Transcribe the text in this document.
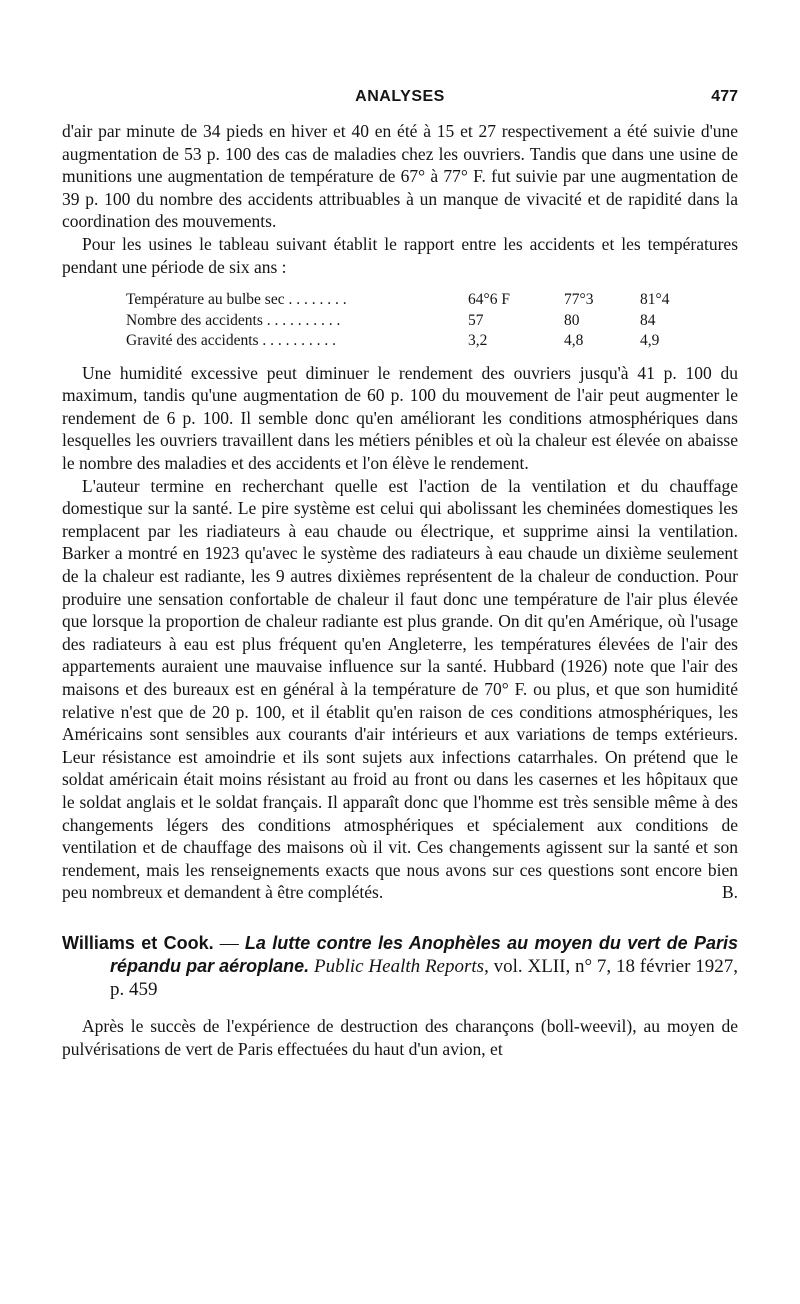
ANALYSES	477

d'air par minute de 34 pieds en hiver et 40 en été à 15 et 27 respectivement a été suivie d'une augmentation de 53 p. 100 des cas de maladies chez les ouvriers. Tandis que dans une usine de munitions une augmentation de température de 67° à 77° F. fut suivie par une augmentation de 39 p. 100 du nombre des accidents attribuables à un manque de vivacité et de rapidité dans la coordination des mouvements.

Pour les usines le tableau suivant établit le rapport entre les accidents et les températures pendant une période de six ans :

Température au bulbe sec . . . . . . . .	64°6 F	77°3	81°4
Nombre des accidents . . . . . . . . . .	57	80	84
Gravité des accidents . . . . . . . . . .	3,2	4,8	4,9

Une humidité excessive peut diminuer le rendement des ouvriers jusqu'à 41 p. 100 du maximum, tandis qu'une augmentation de 60 p. 100 du mouvement de l'air peut augmenter le rendement de 6 p. 100. Il semble donc qu'en améliorant les conditions atmosphériques dans lesquelles les ouvriers travaillent dans les métiers pénibles et où la chaleur est élevée on abaisse le nombre des maladies et des accidents et l'on élève le rendement.

L'auteur termine en recherchant quelle est l'action de la ventilation et du chauffage domestique sur la santé. Le pire système est celui qui abolissant les cheminées domestiques les remplacent par les riadiateurs à eau chaude ou électrique, et supprime ainsi la ventilation. Barker a montré en 1923 qu'avec le système des radiateurs à eau chaude un dixième seulement de la chaleur est radiante, les 9 autres dixièmes représentent de la chaleur de conduction. Pour produire une sensation confortable de chaleur il faut donc une température de l'air plus élevée que lorsque la proportion de chaleur radiante est plus grande. On dit qu'en Amérique, où l'usage des radiateurs à eau est plus fréquent qu'en Angleterre, les températures élevées de l'air des appartements auraient une mauvaise influence sur la santé. Hubbard (1926) note que l'air des maisons et des bureaux est en général à la température de 70° F. ou plus, et que son humidité relative n'est que de 20 p. 100, et il établit qu'en raison de ces conditions atmosphériques, les Américains sont sensibles aux courants d'air intérieurs et aux variations de temps extérieurs. Leur résistance est amoindrie et ils sont sujets aux infections catarrhales. On prétend que le soldat américain était moins résistant au froid au front ou dans les casernes et les hôpitaux que le soldat anglais et le soldat français. Il apparaît donc que l'homme est très sensible même à des changements légers des conditions atmosphériques et spécialement aux conditions de ventilation et de chauffage des maisons où il vit. Ces changements agissent sur la santé et son rendement, mais les renseignements exacts que nous avons sur ces questions sont encore bien peu nombreux et demandent à être complétés.	B.

Williams et Cook. — La lutte contre les Anophèles au moyen du vert de Paris répandu par aéroplane. Public Health Reports, vol. XLII, n° 7, 18 février 1927, p. 459

Après le succès de l'expérience de destruction des charançons (boll-weevil), au moyen de pulvérisations de vert de Paris effectuées du haut d'un avion, et
